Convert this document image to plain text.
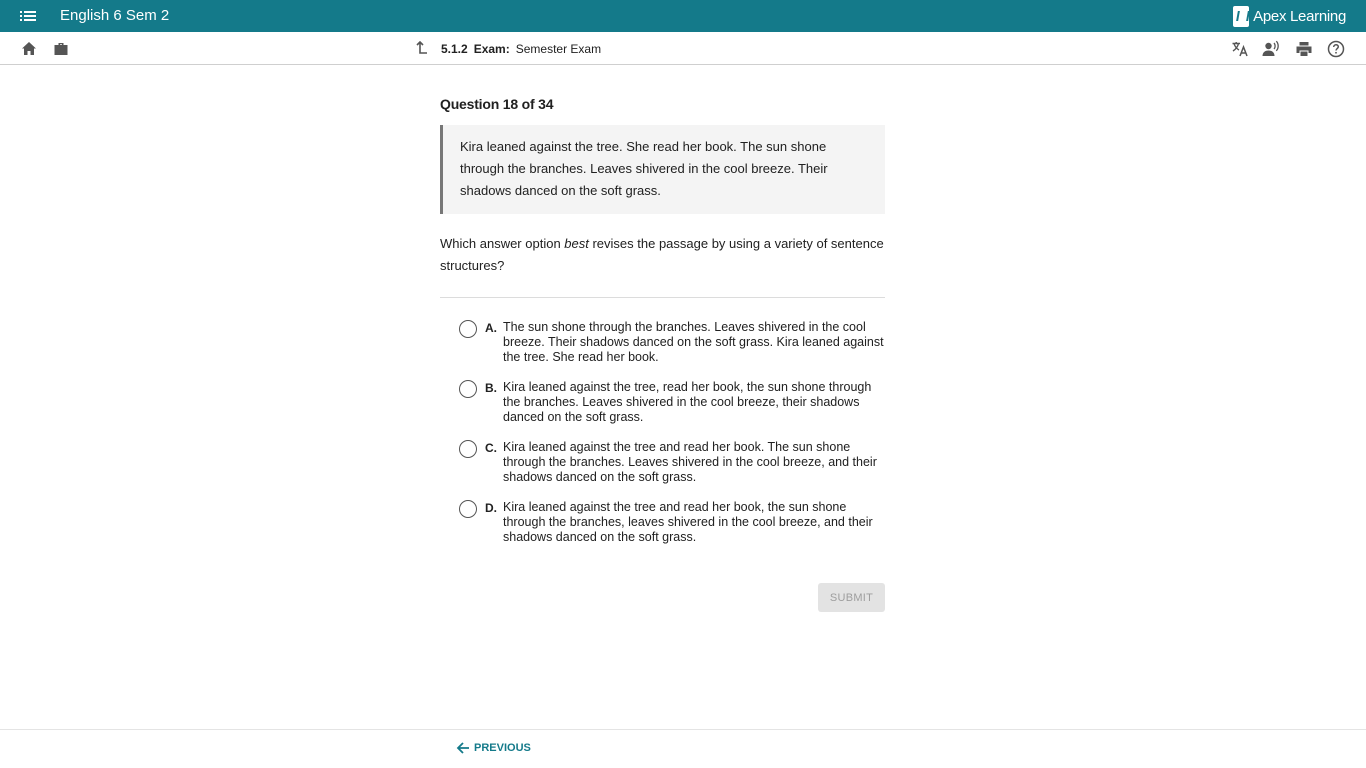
English 6 Sem 2	Apex Learning
5.1.2 Exam: Semester Exam
Question 18 of 34
Kira leaned against the tree. She read her book. The sun shone through the branches. Leaves shivered in the cool breeze. Their shadows danced on the soft grass.
Which answer option best revises the passage by using a variety of sentence structures?
A. The sun shone through the branches. Leaves shivered in the cool breeze. Their shadows danced on the soft grass. Kira leaned against the tree. She read her book.
B. Kira leaned against the tree, read her book, the sun shone through the branches. Leaves shivered in the cool breeze, their shadows danced on the soft grass.
C. Kira leaned against the tree and read her book. The sun shone through the branches. Leaves shivered in the cool breeze, and their shadows danced on the soft grass.
D. Kira leaned against the tree and read her book, the sun shone through the branches, leaves shivered in the cool breeze, and their shadows danced on the soft grass.
SUBMIT
PREVIOUS
